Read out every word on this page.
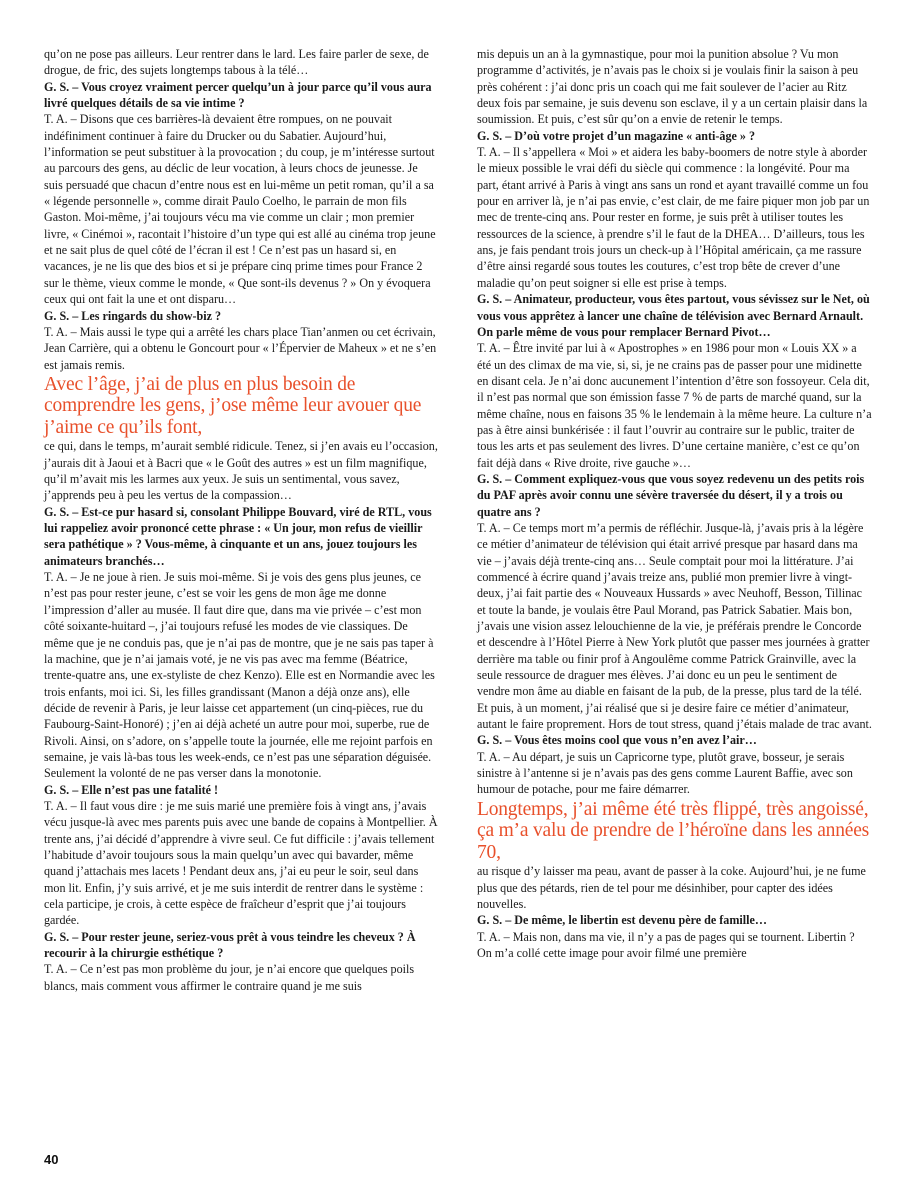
qu’on ne pose pas ailleurs. Leur rentrer dans le lard. Les faire parler de sexe, de drogue, de fric, des sujets longtemps tabous à la télé…

G. S. – Vous croyez vraiment percer quelqu’un à jour parce qu’il vous aura livré quelques détails de sa vie intime ?

T. A. – Disons que ces barrières-là devaient être rompues, on ne pouvait indéfiniment continuer à faire du Drucker ou du Sabatier. Aujourd’hui, l’information se peut substituer à la provocation ; du coup, je m’intéresse surtout au parcours des gens, au déclic de leur vocation, à leurs chocs de jeunesse. Je suis persuadé que chacun d’entre nous est en lui-même un petit roman, qu’il a sa « légende personnelle », comme dirait Paulo Coelho, le parrain de mon fils Gaston. Moi-même, j’ai toujours vécu ma vie comme un clair ; mon premier livre, « Cinémoi », racontait l’histoire d’un type qui est allé au cinéma trop jeune et ne sait plus de quel côté de l’écran il est ! Ce n’est pas un hasard si, en vacances, je ne lis que des bios et si je prépare cinq prime times pour France 2 sur le thème, vieux comme le monde, « Que sont-ils devenus ? » On y évoquera ceux qui ont fait la une et ont disparu…

G. S. – Les ringards du show-biz ?

T. A. – Mais aussi le type qui a arrêté les chars place Tian’anmen ou cet écrivain, Jean Carrière, qui a obtenu le Goncourt pour « l’Épervier de Maheux » et ne s’en est jamais remis.

Avec l’âge, j’ai de plus en plus besoin de comprendre les gens, j’ose même leur avouer que j’aime ce qu’ils font,

ce qui, dans le temps, m’aurait semblé ridicule. Tenez, si j’en avais eu l’occasion, j’aurais dit à Jaoui et à Bacri que « le Goût des autres » est un film magnifique, qu’il m’avait mis les larmes aux yeux. Je suis un sentimental, vous savez, j’apprends peu à peu les vertus de la compassion…

G. S. – Est-ce pur hasard si, consolant Philippe Bouvard, viré de RTL, vous lui rappeliez avoir prononcé cette phrase : « Un jour, mon refus de vieillir sera pathétique » ? Vous-même, à cinquante et un ans, jouez toujours les animateurs branchés…

T. A. – Je ne joue à rien. Je suis moi-même. Si je vois des gens plus jeunes, ce n’est pas pour rester jeune, c’est se voir les gens de mon âge me donne l’impression d’aller au musée. Il faut dire que, dans ma vie privée – c’est mon côté soixante-huitard –, j’ai toujours refusé les modes de vie classiques. De même que je ne conduis pas, que je n’ai pas de montre, que je ne sais pas taper à la machine, que je n’ai jamais voté, je ne vis pas avec ma femme (Béatrice, trente-quatre ans, une ex-styliste de chez Kenzo). Elle est en Normandie avec les trois enfants, moi ici. Si, les filles grandissant (Manon a déjà onze ans), elle décide de revenir à Paris, je leur laisse cet appartement (un cinq-pièces, rue du Faubourg-Saint-Honoré) ; j’en ai déjà acheté un autre pour moi, superbe, rue de Rivoli. Ainsi, on s’adore, on s’appelle toute la journée, elle me rejoint parfois en semaine, je vais là-bas tous les week-ends, ce n’est pas une séparation déguisée. Seulement la volonté de ne pas verser dans la monotonie.

G. S. – Elle n’est pas une fatalité !

T. A. – Il faut vous dire : je me suis marié une première fois à vingt ans, j’avais vécu jusque-là avec mes parents puis avec une bande de copains à Montpellier. À trente ans, j’ai décidé d’apprendre à vivre seul. Ce fut difficile : j’avais tellement l’habitude d’avoir toujours sous la main quelqu’un avec qui bavarder, même quand j’attachais mes lacets ! Pendant deux ans, j’ai eu peur le soir, seul dans mon lit. Enfin, j’y suis arrivé, et je me suis interdit de rentrer dans le système : cela participe, je crois, à cette espèce de fraîcheur d’esprit que j’ai toujours gardée.

G. S. – Pour rester jeune, seriez-vous prêt à vous teindre les cheveux ? À recourir à la chirurgie esthétique ?

T. A. – Ce n’est pas mon problème du jour, je n’ai encore que quelques poils blancs, mais comment vous affirmer le contraire quand je me suis

mis depuis un an à la gymnastique, pour moi la punition absolue ? Vu mon programme d’activités, je n’avais pas le choix si je voulais finir la saison à peu près cohérent : j’ai donc pris un coach qui me fait soulever de l’acier au Ritz deux fois par semaine, je suis devenu son esclave, il y a un certain plaisir dans la soumission. Et puis, c’est sûr qu’on a envie de retenir le temps.

G. S. – D’où votre projet d’un magazine « anti-âge » ?

T. A. – Il s’appellera « Moi » et aidera les baby-boomers de notre style à aborder le mieux possible le vrai défi du siècle qui commence : la longévité. Pour ma part, étant arrivé à Paris à vingt ans sans un rond et ayant travaillé comme un fou pour en arriver là, je n’ai pas envie, c’est clair, de me faire piquer mon job par un mec de trente-cinq ans. Pour rester en forme, je suis prêt à utiliser toutes les ressources de la science, à prendre s’il le faut de la DHEA… D’ailleurs, tous les ans, je fais pendant trois jours un check-up à l’Hôpital américain, ça me rassure d’être ainsi regardé sous toutes les coutures, c’est trop bête de crever d’une maladie qu’on peut soigner si elle est prise à temps.

G. S. – Animateur, producteur, vous êtes partout, vous sévissez sur le Net, où vous vous apprêtez à lancer une chaîne de télévision avec Bernard Arnault. On parle même de vous pour remplacer Bernard Pivot…

T. A. – Être invité par lui à « Apostrophes » en 1986 pour mon « Louis XX » a été un des climax de ma vie, si, si, je ne crains pas de passer pour une midinette en disant cela. Je n’ai donc aucunement l’intention d’être son fossoyeur. Cela dit, il n’est pas normal que son émission fasse 7 % de parts de marché quand, sur la même chaîne, nous en faisons 35 % le lendemain à la même heure. La culture n’a pas à être ainsi bunkérisée : il faut l’ouvrir au contraire sur le public, traiter de tous les arts et pas seulement des livres. D’une certaine manière, c’est ce qu’on fait déjà dans « Rive droite, rive gauche »…

G. S. – Comment expliquez-vous que vous soyez redevenu un des petits rois du PAF après avoir connu une sévère traversée du désert, il y a trois ou quatre ans ?

T. A. – Ce temps mort m’a permis de réfléchir. Jusque-là, j’avais pris à la légère ce métier d’animateur de télévision qui était arrivé presque par hasard dans ma vie – j’avais déjà trente-cinq ans… Seule comptait pour moi la littérature. J’ai commencé à écrire quand j’avais treize ans, publié mon premier livre à vingt-deux, j’ai fait partie des « Nouveaux Hussards » avec Neuhoff, Besson, Tillinac et toute la bande, je voulais être Paul Morand, pas Patrick Sabatier. Mais bon, j’avais une vision assez lelouchienne de la vie, je préférais prendre le Concorde et descendre à l’Hôtel Pierre à New York plutôt que passer mes journées à gratter derrière ma table ou finir prof à Angoulême comme Patrick Grainville, avec la seule ressource de draguer mes élèves. J’ai donc eu un peu le sentiment de vendre mon âme au diable en faisant de la pub, de la presse, plus tard de la télé. Et puis, à un moment, j’ai réalisé que si je desire faire ce métier d’animateur, autant le faire proprement. Hors de tout stress, quand j’étais malade de trac avant.

G. S. – Vous êtes moins cool que vous n’en avez l’air…

T. A. – Au départ, je suis un Capricorne type, plutôt grave, bosseur, je serais sinistre à l’antenne si je n’avais pas des gens comme Laurent Baffie, avec son humour de potache, pour me faire démarrer.

Longtemps, j’ai même été très flippé, très angoissé, ça m’a valu de prendre de l’héroïne dans les années 70,

au risque d’y laisser ma peau, avant de passer à la coke. Aujourd’hui, je ne fume plus que des pétards, rien de tel pour me désinhiber, pour capter des idées nouvelles.

G. S. – De même, le libertin est devenu père de famille…

T. A. – Mais non, dans ma vie, il n’y a pas de pages qui se tournent. Libertin ? On m’a collé cette image pour avoir filmé une première

40
